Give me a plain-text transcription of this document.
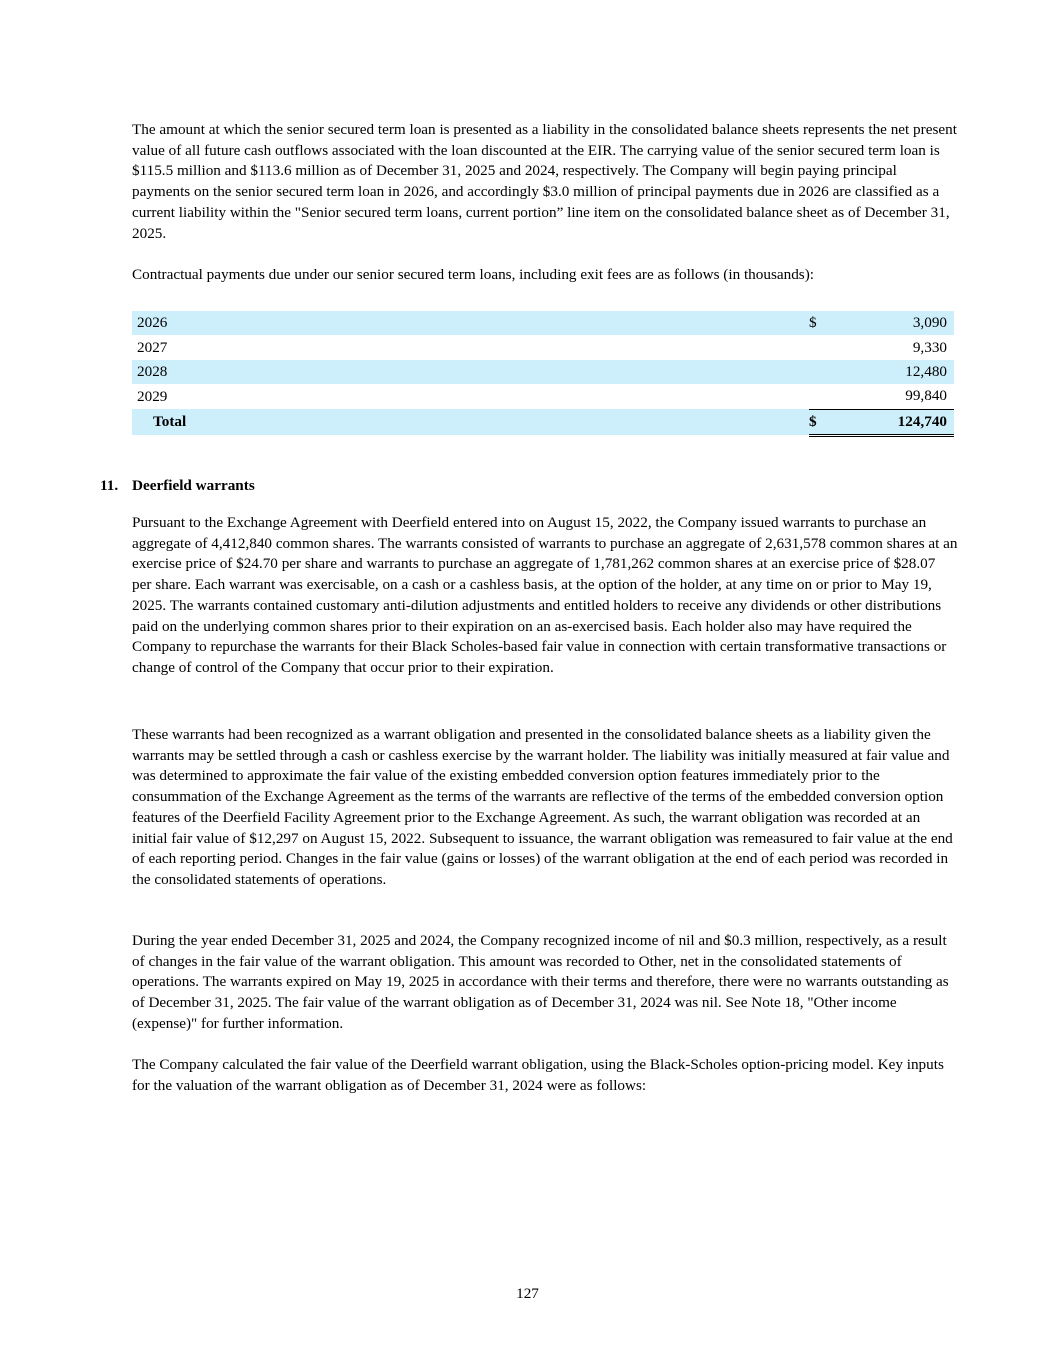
The amount at which the senior secured term loan is presented as a liability in the consolidated balance sheets represents the net present value of all future cash outflows associated with the loan discounted at the EIR. The carrying value of the senior secured term loan is $115.5 million and $113.6 million as of December 31, 2025 and 2024, respectively. The Company will begin paying principal payments on the senior secured term loan in 2026, and accordingly $3.0 million of principal payments due in 2026 are classified as a current liability within the "Senior secured term loans, current portion” line item on the consolidated balance sheet as of December 31, 2025.

Contractual payments due under our senior secured term loans, including exit fees are as follows (in thousands):

2026	$	3,090
2027		9,330
2028		12,480
2029		99,840
Total	$	124,740
11. Deerfield warrants

Pursuant to the Exchange Agreement with Deerfield entered into on August 15, 2022, the Company issued warrants to purchase an aggregate of 4,412,840 common shares. The warrants consisted of warrants to purchase an aggregate of 2,631,578 common shares at an exercise price of $24.70 per share and warrants to purchase an aggregate of 1,781,262 common shares at an exercise price of $28.07 per share. Each warrant was exercisable, on a cash or a cashless basis, at the option of the holder, at any time on or prior to May 19, 2025. The warrants contained customary anti-dilution adjustments and entitled holders to receive any dividends or other distributions paid on the underlying common shares prior to their expiration on an as-exercised basis. Each holder also may have required the Company to repurchase the warrants for their Black Scholes-based fair value in connection with certain transformative transactions or change of control of the Company that occur prior to their expiration.

These warrants had been recognized as a warrant obligation and presented in the consolidated balance sheets as a liability given the warrants may be settled through a cash or cashless exercise by the warrant holder. The liability was initially measured at fair value and was determined to approximate the fair value of the existing embedded conversion option features immediately prior to the consummation of the Exchange Agreement as the terms of the warrants are reflective of the terms of the embedded conversion option features of the Deerfield Facility Agreement prior to the Exchange Agreement. As such, the warrant obligation was recorded at an initial fair value of $12,297 on August 15, 2022. Subsequent to issuance, the warrant obligation was remeasured to fair value at the end of each reporting period. Changes in the fair value (gains or losses) of the warrant obligation at the end of each period was recorded in the consolidated statements of operations.

During the year ended December 31, 2025 and 2024, the Company recognized income of nil and $0.3 million, respectively, as a result of changes in the fair value of the warrant obligation. This amount was recorded to Other, net in the consolidated statements of operations. The warrants expired on May 19, 2025 in accordance with their terms and therefore, there were no warrants outstanding as of December 31, 2025. The fair value of the warrant obligation as of December 31, 2024 was nil. See Note 18, "Other income (expense)" for further information.

The Company calculated the fair value of the Deerfield warrant obligation, using the Black-Scholes option-pricing model. Key inputs for the valuation of the warrant obligation as of December 31, 2024 were as follows:

127
